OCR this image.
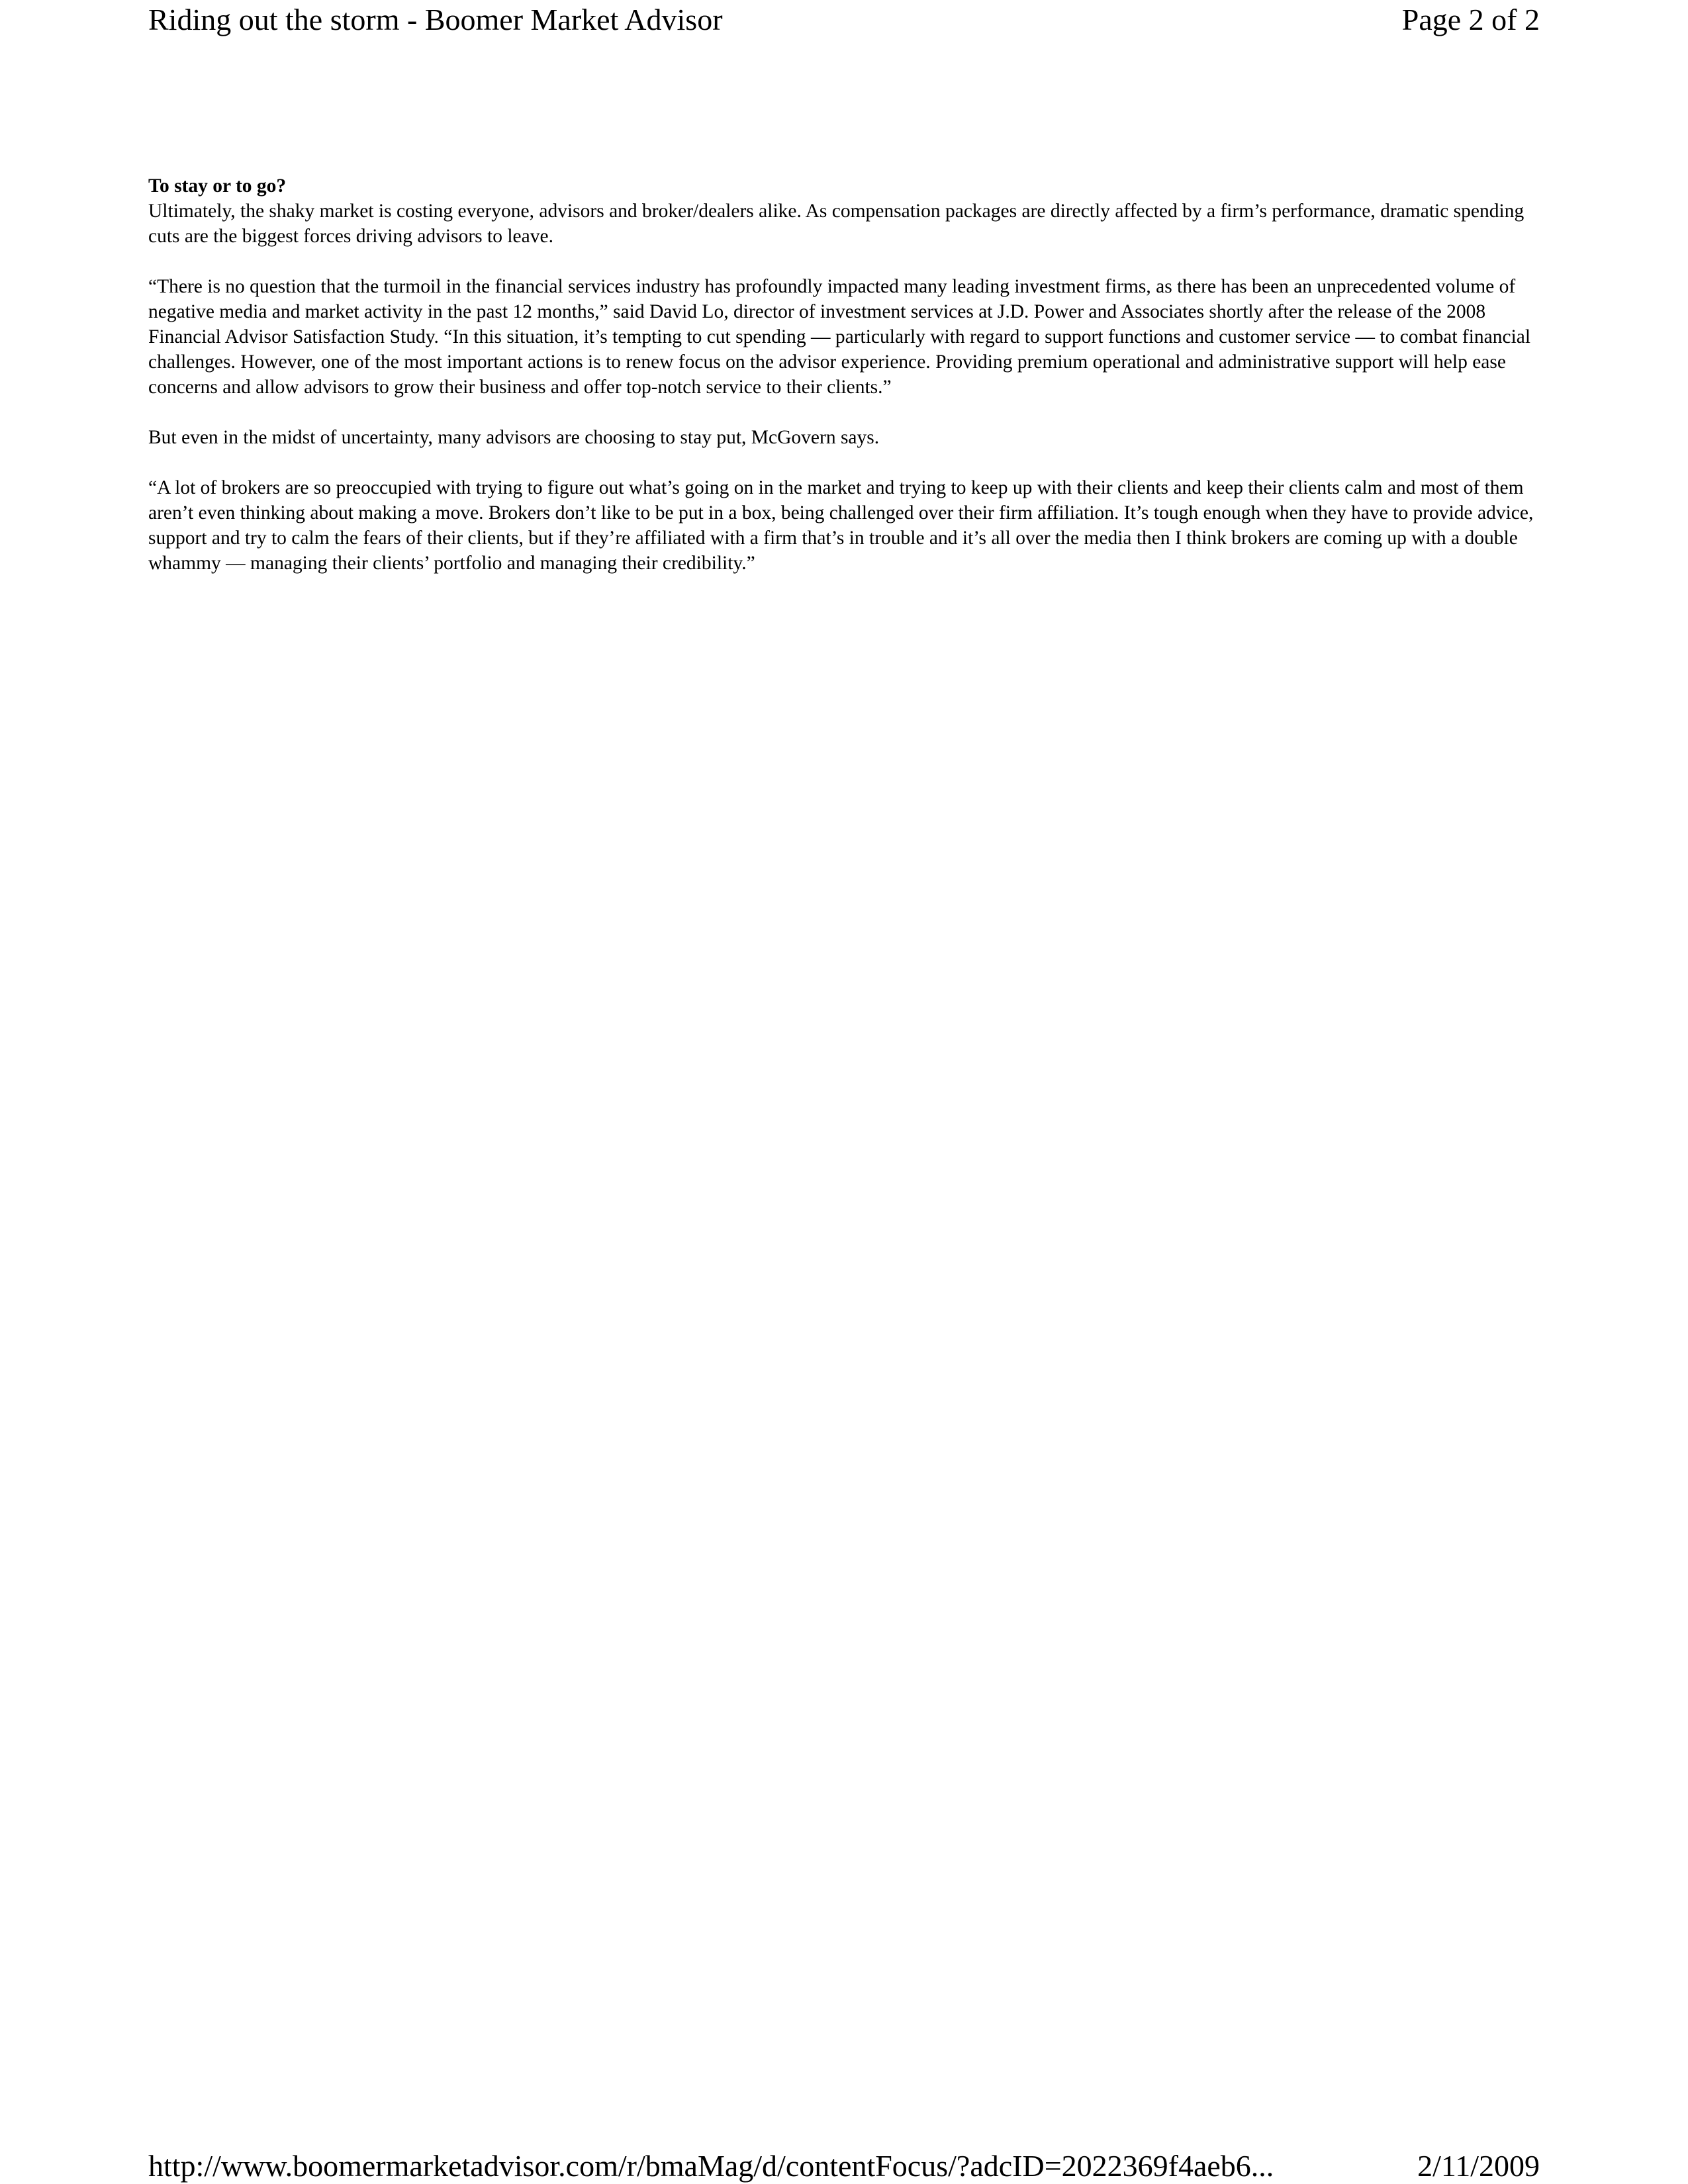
Riding out the storm - Boomer Market Advisor	Page 2 of 2

To stay or to go?

Ultimately, the shaky market is costing everyone, advisors and broker/dealers alike. As compensation packages are directly affected by a firm’s performance, dramatic spending cuts are the biggest forces driving advisors to leave.

“There is no question that the turmoil in the financial services industry has profoundly impacted many leading investment firms, as there has been an unprecedented volume of negative media and market activity in the past 12 months,” said David Lo, director of investment services at J.D. Power and Associates shortly after the release of the 2008 Financial Advisor Satisfaction Study. “In this situation, it’s tempting to cut spending — particularly with regard to support functions and customer service — to combat financial challenges. However, one of the most important actions is to renew focus on the advisor experience. Providing premium operational and administrative support will help ease concerns and allow advisors to grow their business and offer top-notch service to their clients.”

But even in the midst of uncertainty, many advisors are choosing to stay put, McGovern says.

“A lot of brokers are so preoccupied with trying to figure out what’s going on in the market and trying to keep up with their clients and keep their clients calm and most of them aren’t even thinking about making a move. Brokers don’t like to be put in a box, being challenged over their firm affiliation. It’s tough enough when they have to provide advice, support and try to calm the fears of their clients, but if they’re affiliated with a firm that’s in trouble and it’s all over the media then I think brokers are coming up with a double whammy — managing their clients’ portfolio and managing their credibility.”

http://www.boomermarketadvisor.com/r/bmaMag/d/contentFocus/?adcID=2022369f4aeb6...	2/11/2009
